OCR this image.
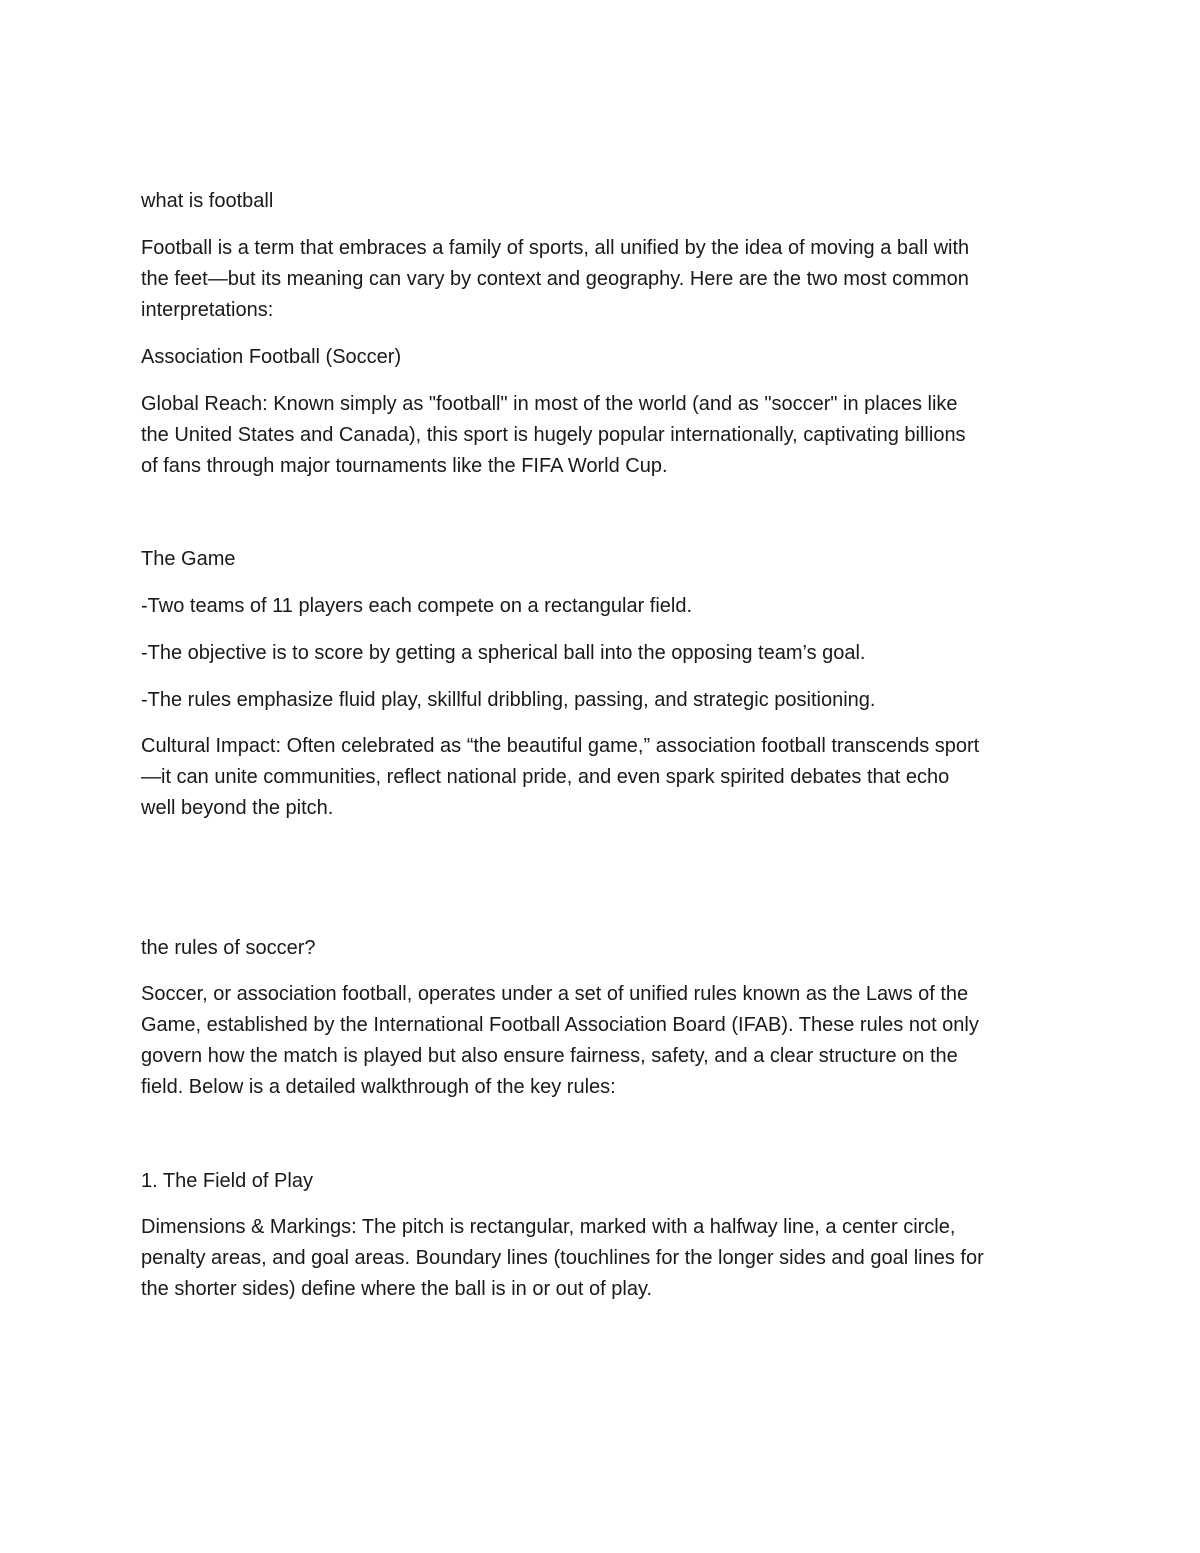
what is football
Football is a term that embraces a family of sports, all unified by the idea of moving a ball with
the feet—but its meaning can vary by context and geography. Here are the two most common
interpretations:
Association Football (Soccer)
Global Reach: Known simply as "football" in most of the world (and as "soccer" in places like
the United States and Canada), this sport is hugely popular internationally, captivating billions
of fans through major tournaments like the FIFA World Cup.
The Game
-Two teams of 11 players each compete on a rectangular field.
-The objective is to score by getting a spherical ball into the opposing team’s goal.
-The rules emphasize fluid play, skillful dribbling, passing, and strategic positioning.
Cultural Impact: Often celebrated as “the beautiful game,” association football transcends sport
—it can unite communities, reflect national pride, and even spark spirited debates that echo
well beyond the pitch.
the rules of soccer?
Soccer, or association football, operates under a set of unified rules known as the Laws of the
Game, established by the International Football Association Board (IFAB). These rules not only
govern how the match is played but also ensure fairness, safety, and a clear structure on the
field. Below is a detailed walkthrough of the key rules:
1. The Field of Play
Dimensions & Markings: The pitch is rectangular, marked with a halfway line, a center circle,
penalty areas, and goal areas. Boundary lines (touchlines for the longer sides and goal lines for
the shorter sides) define where the ball is in or out of play.
